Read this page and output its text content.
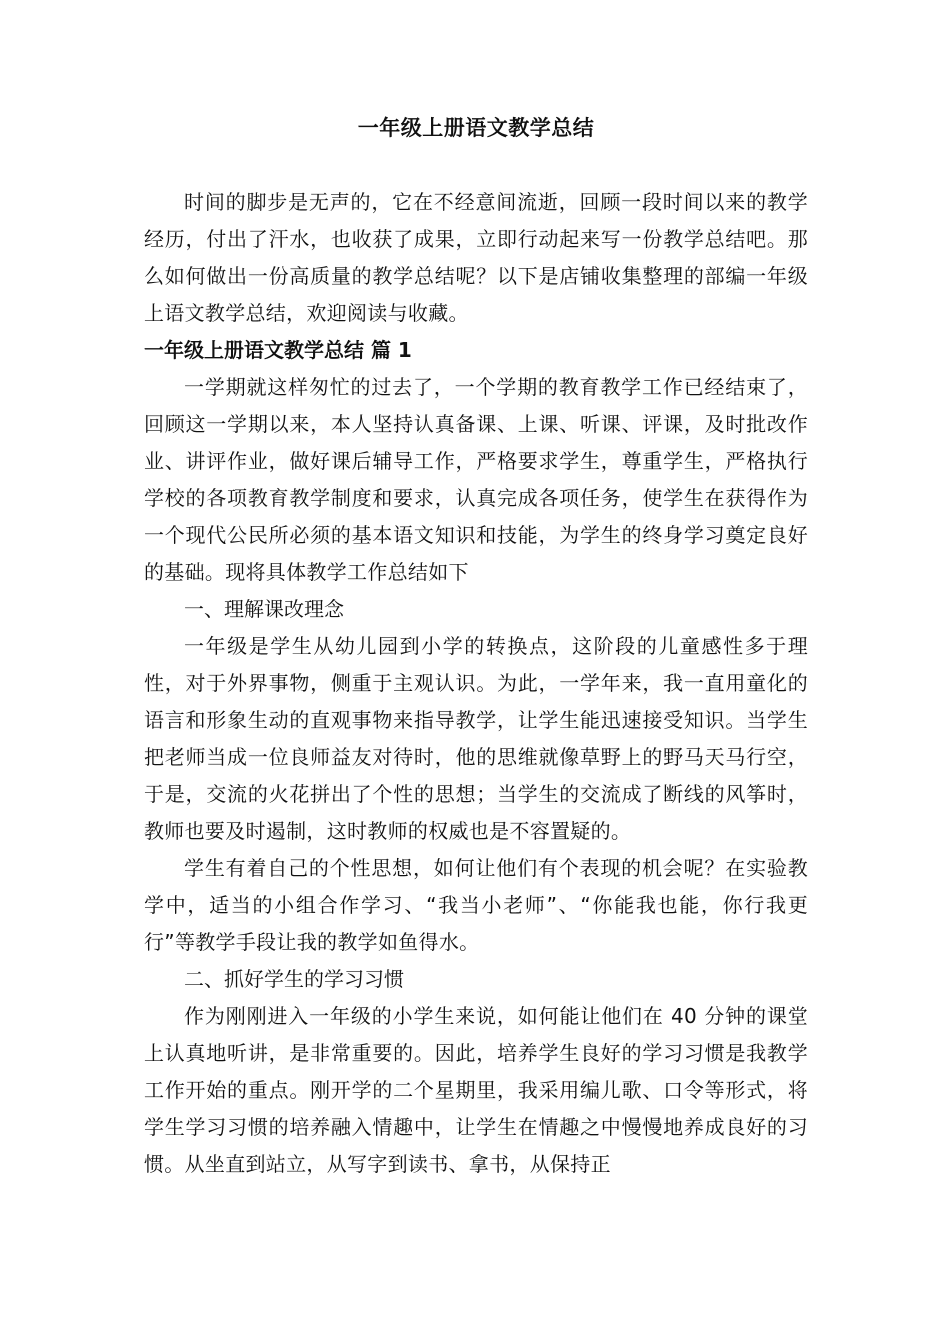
一年级上册语文教学总结

时间的脚步是无声的，它在不经意间流逝，回顾一段时间以来的教学经历，付出了汗水，也收获了成果，立即行动起来写一份教学总结吧。那么如何做出一份高质量的教学总结呢？以下是店铺收集整理的部编一年级上语文教学总结，欢迎阅读与收藏。

一年级上册语文教学总结 篇 1

一学期就这样匆忙的过去了，一个学期的教育教学工作已经结束了，回顾这一学期以来，本人坚持认真备课、上课、听课、评课，及时批改作业、讲评作业，做好课后辅导工作，严格要求学生，尊重学生，严格执行学校的各项教育教学制度和要求，认真完成各项任务，使学生在获得作为一个现代公民所必须的基本语文知识和技能，为学生的终身学习奠定良好的基础。现将具体教学工作总结如下

一、理解课改理念

一年级是学生从幼儿园到小学的转换点，这阶段的儿童感性多于理性，对于外界事物，侧重于主观认识。为此，一学年来，我一直用童化的语言和形象生动的直观事物来指导教学，让学生能迅速接受知识。当学生把老师当成一位良师益友对待时，他的思维就像草野上的野马天马行空，于是，交流的火花拼出了个性的思想；当学生的交流成了断线的风筝时，教师也要及时遏制，这时教师的权威也是不容置疑的。

学生有着自己的个性思想，如何让他们有个表现的机会呢？在实验教学中，适当的小组合作学习、“我当小老师”、“你能我也能，你行我更行”等教学手段让我的教学如鱼得水。

二、抓好学生的学习习惯

作为刚刚进入一年级的小学生来说，如何能让他们在 40 分钟的课堂上认真地听讲，是非常重要的。因此，培养学生良好的学习习惯是我教学工作开始的重点。刚开学的二个星期里，我采用编儿歌、口令等形式，将学生学习习惯的培养融入情趣中，让学生在情趣之中慢慢地养成良好的习惯。从坐直到站立，从写字到读书、拿书，从保持正
